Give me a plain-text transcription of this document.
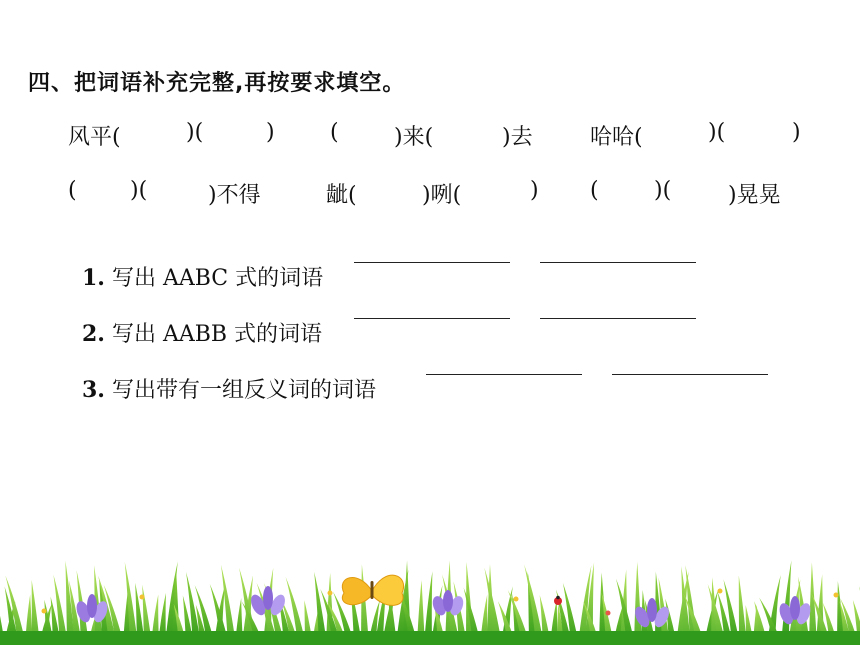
四、把词语补充完整,再按要求填空。
风平(	)(	)	(	)来(	)去	哈哈(	)(	)
( )(	)不得	龇(	)咧(	) (	)(	)晃晃

1. 写出 AABC 式的词语

2. 写出 AABB 式的词语

3. 写出带有一组反义词的词语
